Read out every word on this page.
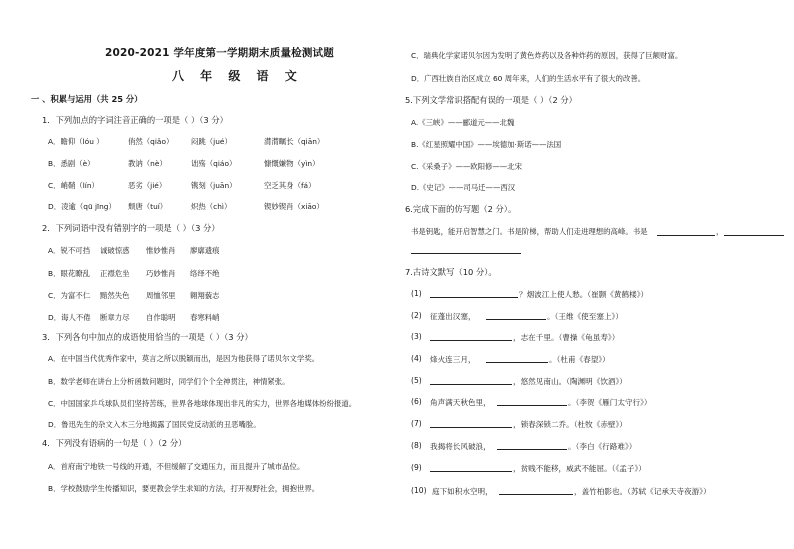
2020-2021 学年度第一学期期末质量检测试题
八 年 级 语 文
一 、积累与运用（共 25 分）
1．下列加点的字词注音正确的一项是（ ）（3 分）
A．瞻仰（lóu ）	俏然（qiǎo） 闷跳（jué）	潸潸瞩长（qiān）
B．悉剧（è）	教讷（nè）	诎殇（qiáo）	慷慨嫌物（yìn）
C．峭鞘（lín）	恶劣（jié）	镌刻（juān）	空乏其身（fá）
D．凌逾（qū jīng） 颓唐（tuí）	炽热（chì）	锲妙锲肖（xiāo）
2．下列词语中没有错别字的一项是（ ）（3 分）
A．锐不可挡 诚破惊惑 惟妙惟肖 廖廓遗痕
B．眼花瞭乱 正襟危坐 巧妙惟肖 络绎不绝
C．为富不仁 黯然失色 周恤邻里 翱翔藐志
D．诲人不倦 断章力尽 自作聪明 春寒料峭
3．下列各句中加点的成语使用恰当的一项是（ ）（3 分）
A．在中国当代优秀作家中，莫言之所以脱颖而出，是因为他获得了诺贝尔文学奖。
B．数学老师在讲台上分析函数问题时，同学们个个全神贯注，神情紧张。
C．中国国家乒乓球队员们坚持苦练，世界各地球体现出非凡的实力，世界各地媒体纷纷报道。
D．鲁迅先生的杂文入木三分地揭露了国民党反动派的丑恶嘴脸。
4．下列没有语病的一句是（ ）（2 分）
A．首府南宁地铁一号线的开通，不但缓解了交通压力，而且提升了城市品位。
B．学校鼓励学生传播知识，要更教会学生求知的方法，打开视野社会，拥抱世界。
C．瑞典化学家诺贝尔因为发明了黄色炸药以及各种炸药的原因，获得了巨额财富。
D．广西壮族自治区成立 60 周年来，人们的生活水平有了很大的改善。
5.下列文学常识搭配有误的一项是（ ）（2 分）
A.《三峡》——郦道元——北魏
B.《红星照耀中国》——埃德加·斯诺——法国
C.《采桑子》——欧阳修——北宋
D.《史记》——司马迁——西汉
6.完成下面的仿写题（2 分）。
书是钥匙，能开启智慧之门。书是阶梯，帮助人们走进理想的高峰。书是	，
7.古诗文默写（10 分）。
(1)	？烟波江上使人愁。（崔颢《黄鹤楼》）
(2) 征蓬出汉塞，	。（王维《使至塞上》）
(3)	，志在千里。（曹操《龟虽寿》）
(4) 烽火连三月，	。（杜甫《春望》）
(5)	，悠然见南山。（陶渊明《饮酒》）
(6) 角声满天秋色里，	。（李贺《雁门太守行》）
(7)	，锁春深锁二乔。（杜牧《赤壁》）
(8) 我揭将长风破浪，	。（李白《行路难》）
(9)	，贫贱不能移，威武不能屈。（《孟子》）
(10) 庭下如积水空明，	，盖竹柏影也。（苏轼《记承天寺夜游》）
